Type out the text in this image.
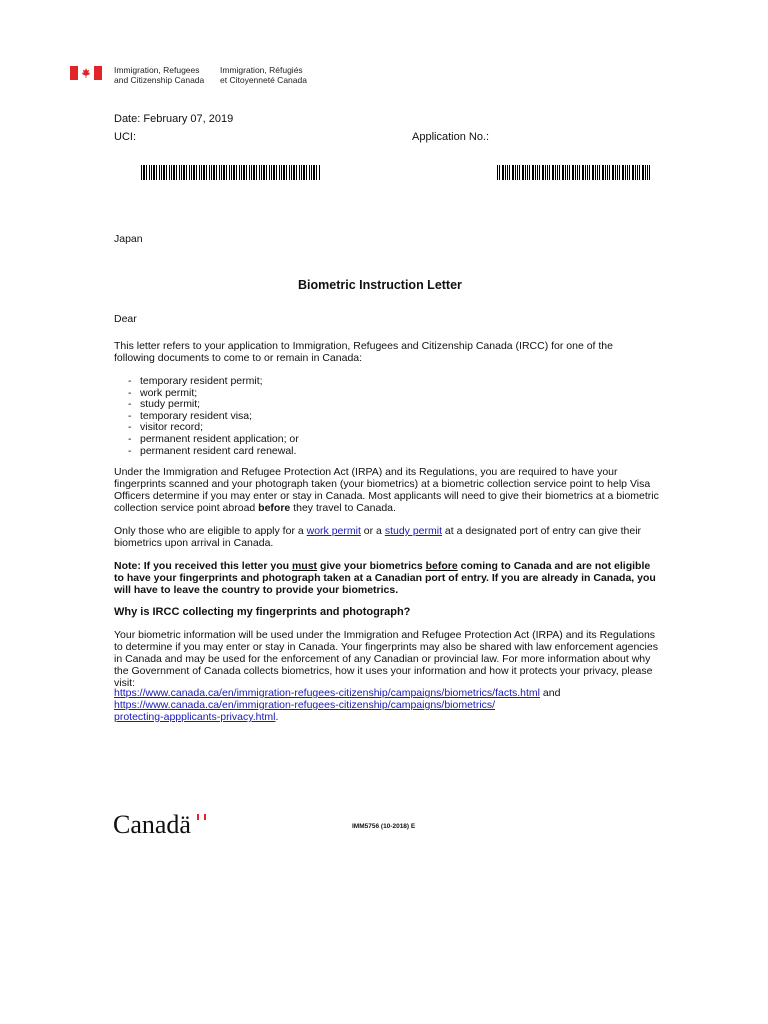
Immigration, Refugees
and Citizenship Canada
Immigration, Réfugiés
et Citoyenneté Canada
Date: February 07, 2019
UCI:	Application No.:
Japan
Biometric Instruction Letter
Dear
This letter refers to your application to Immigration, Refugees and Citizenship Canada (IRCC) for one of the following documents to come to or remain in Canada:
- temporary resident permit;
- work permit;
- study permit;
- temporary resident visa;
- visitor record;
- permanent resident application; or
- permanent resident card renewal.
Under the Immigration and Refugee Protection Act (IRPA) and its Regulations, you are required to have your fingerprints scanned and your photograph taken (your biometrics) at a biometric collection service point to help Visa Officers determine if you may enter or stay in Canada. Most applicants will need to give their biometrics at a biometric collection service point abroad before they travel to Canada.
Only those who are eligible to apply for a work permit or a study permit at a designated port of entry can give their biometrics upon arrival in Canada.
Note: If you received this letter you must give your biometrics before coming to Canada and are not eligible to have your fingerprints and photograph taken at a Canadian port of entry. If you are already in Canada, you will have to leave the country to provide your biometrics.
Why is IRCC collecting my fingerprints and photograph?
Your biometric information will be used under the Immigration and Refugee Protection Act (IRPA) and its Regulations to determine if you may enter or stay in Canada. Your fingerprints may also be shared with law enforcement agencies in Canada and may be used for the enforcement of any Canadian or provincial law. For more information about why the Government of Canada collects biometrics, how it uses your information and how it protects your privacy, please visit:
https://www.canada.ca/en/immigration-refugees-citizenship/campaigns/biometrics/facts.html and
https://www.canada.ca/en/immigration-refugees-citizenship/campaigns/biometrics/
protecting-appplicants-privacy.html.
Canadä	IMM5756 (10-2018) E
